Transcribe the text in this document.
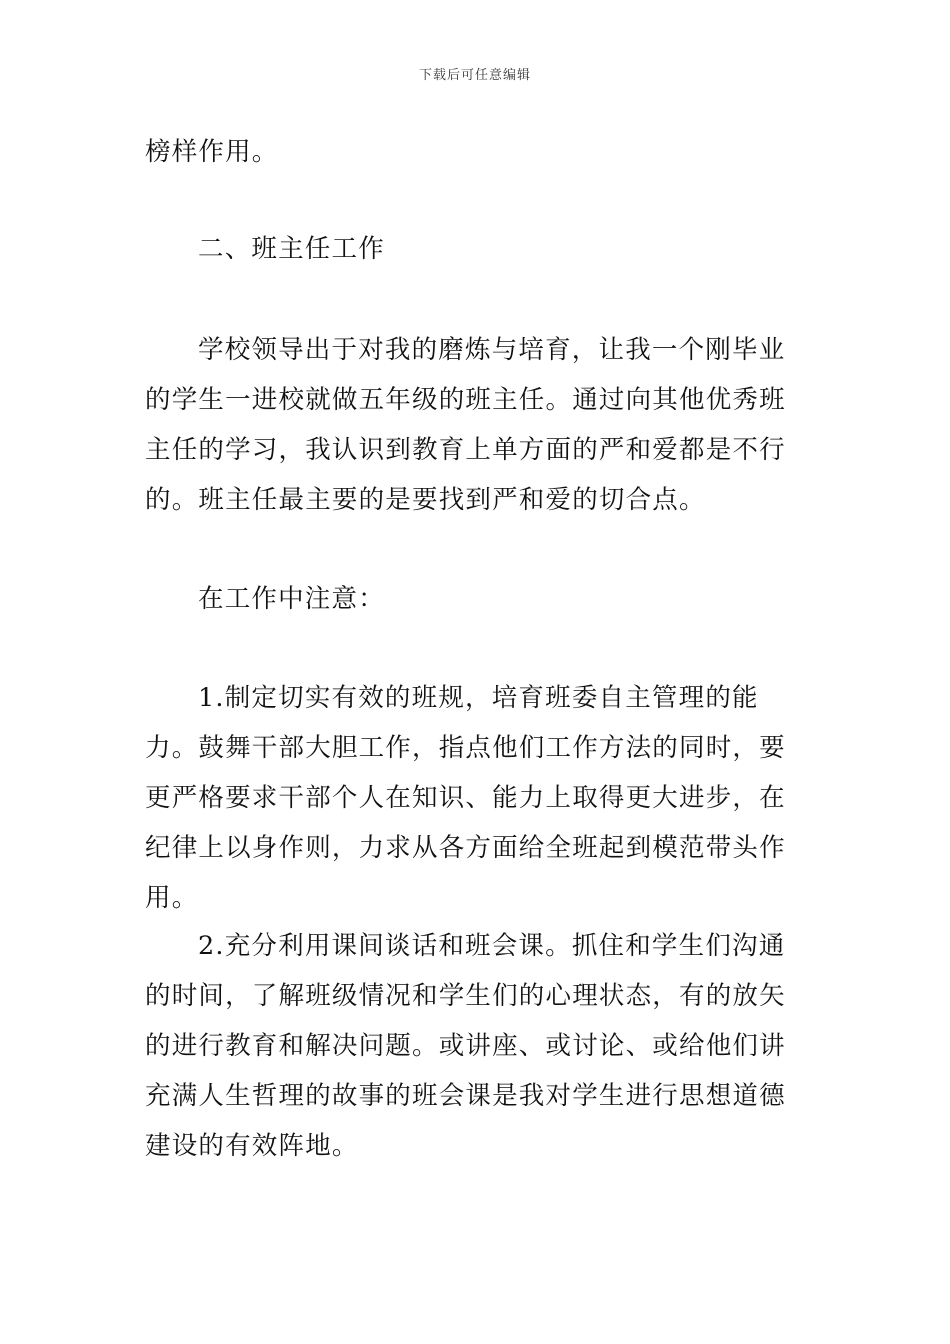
下载后可任意编辑

榜样作用。

二、班主任工作

学校领导出于对我的磨炼与培育，让我一个刚毕业的学生一进校就做五年级的班主任。通过向其他优秀班主任的学习，我认识到教育上单方面的严和爱都是不行的。班主任最主要的是要找到严和爱的切合点。

在工作中注意：

1.制定切实有效的班规，培育班委自主管理的能力。鼓舞干部大胆工作，指点他们工作方法的同时，要更严格要求干部个人在知识、能力上取得更大进步，在纪律上以身作则，力求从各方面给全班起到模范带头作用。

2.充分利用课间谈话和班会课。抓住和学生们沟通的时间，了解班级情况和学生们的心理状态，有的放矢的进行教育和解决问题。或讲座、或讨论、或给他们讲充满人生哲理的故事的班会课是我对学生进行思想道德建设的有效阵地。
